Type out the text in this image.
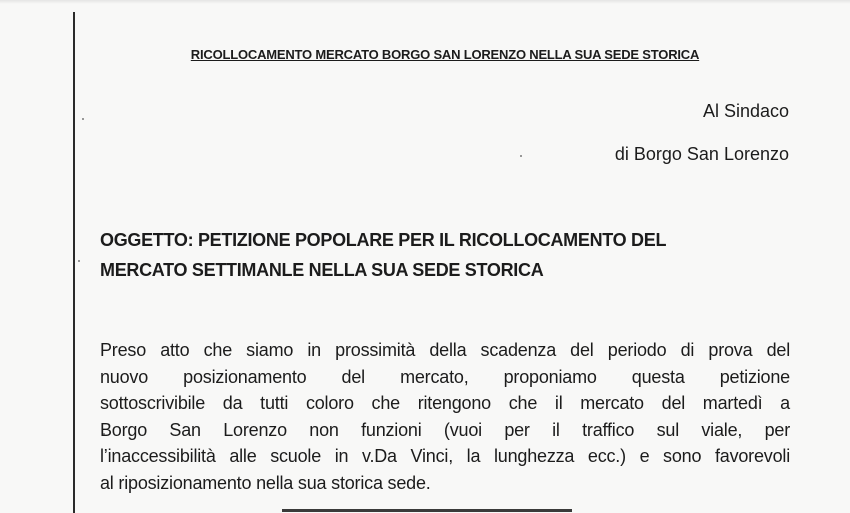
RICOLLOCAMENTO MERCATO BORGO SAN LORENZO NELLA SUA SEDE STORICA
Al Sindaco
di Borgo San Lorenzo
OGGETTO: PETIZIONE POPOLARE PER IL RICOLLOCAMENTO DEL
MERCATO SETTIMANLE NELLA SUA SEDE STORICA
Preso atto che siamo in prossimità della scadenza del periodo di prova del
nuovo posizionamento del mercato, proponiamo questa petizione
sottoscrivibile da tutti coloro che ritengono che il mercato del martedì a
Borgo San Lorenzo non funzioni (vuoi per il traffico sul viale, per
l’inaccessibilità alle scuole in v.Da Vinci, la lunghezza ecc.) e sono favorevoli
al riposizionamento nella sua storica sede.
